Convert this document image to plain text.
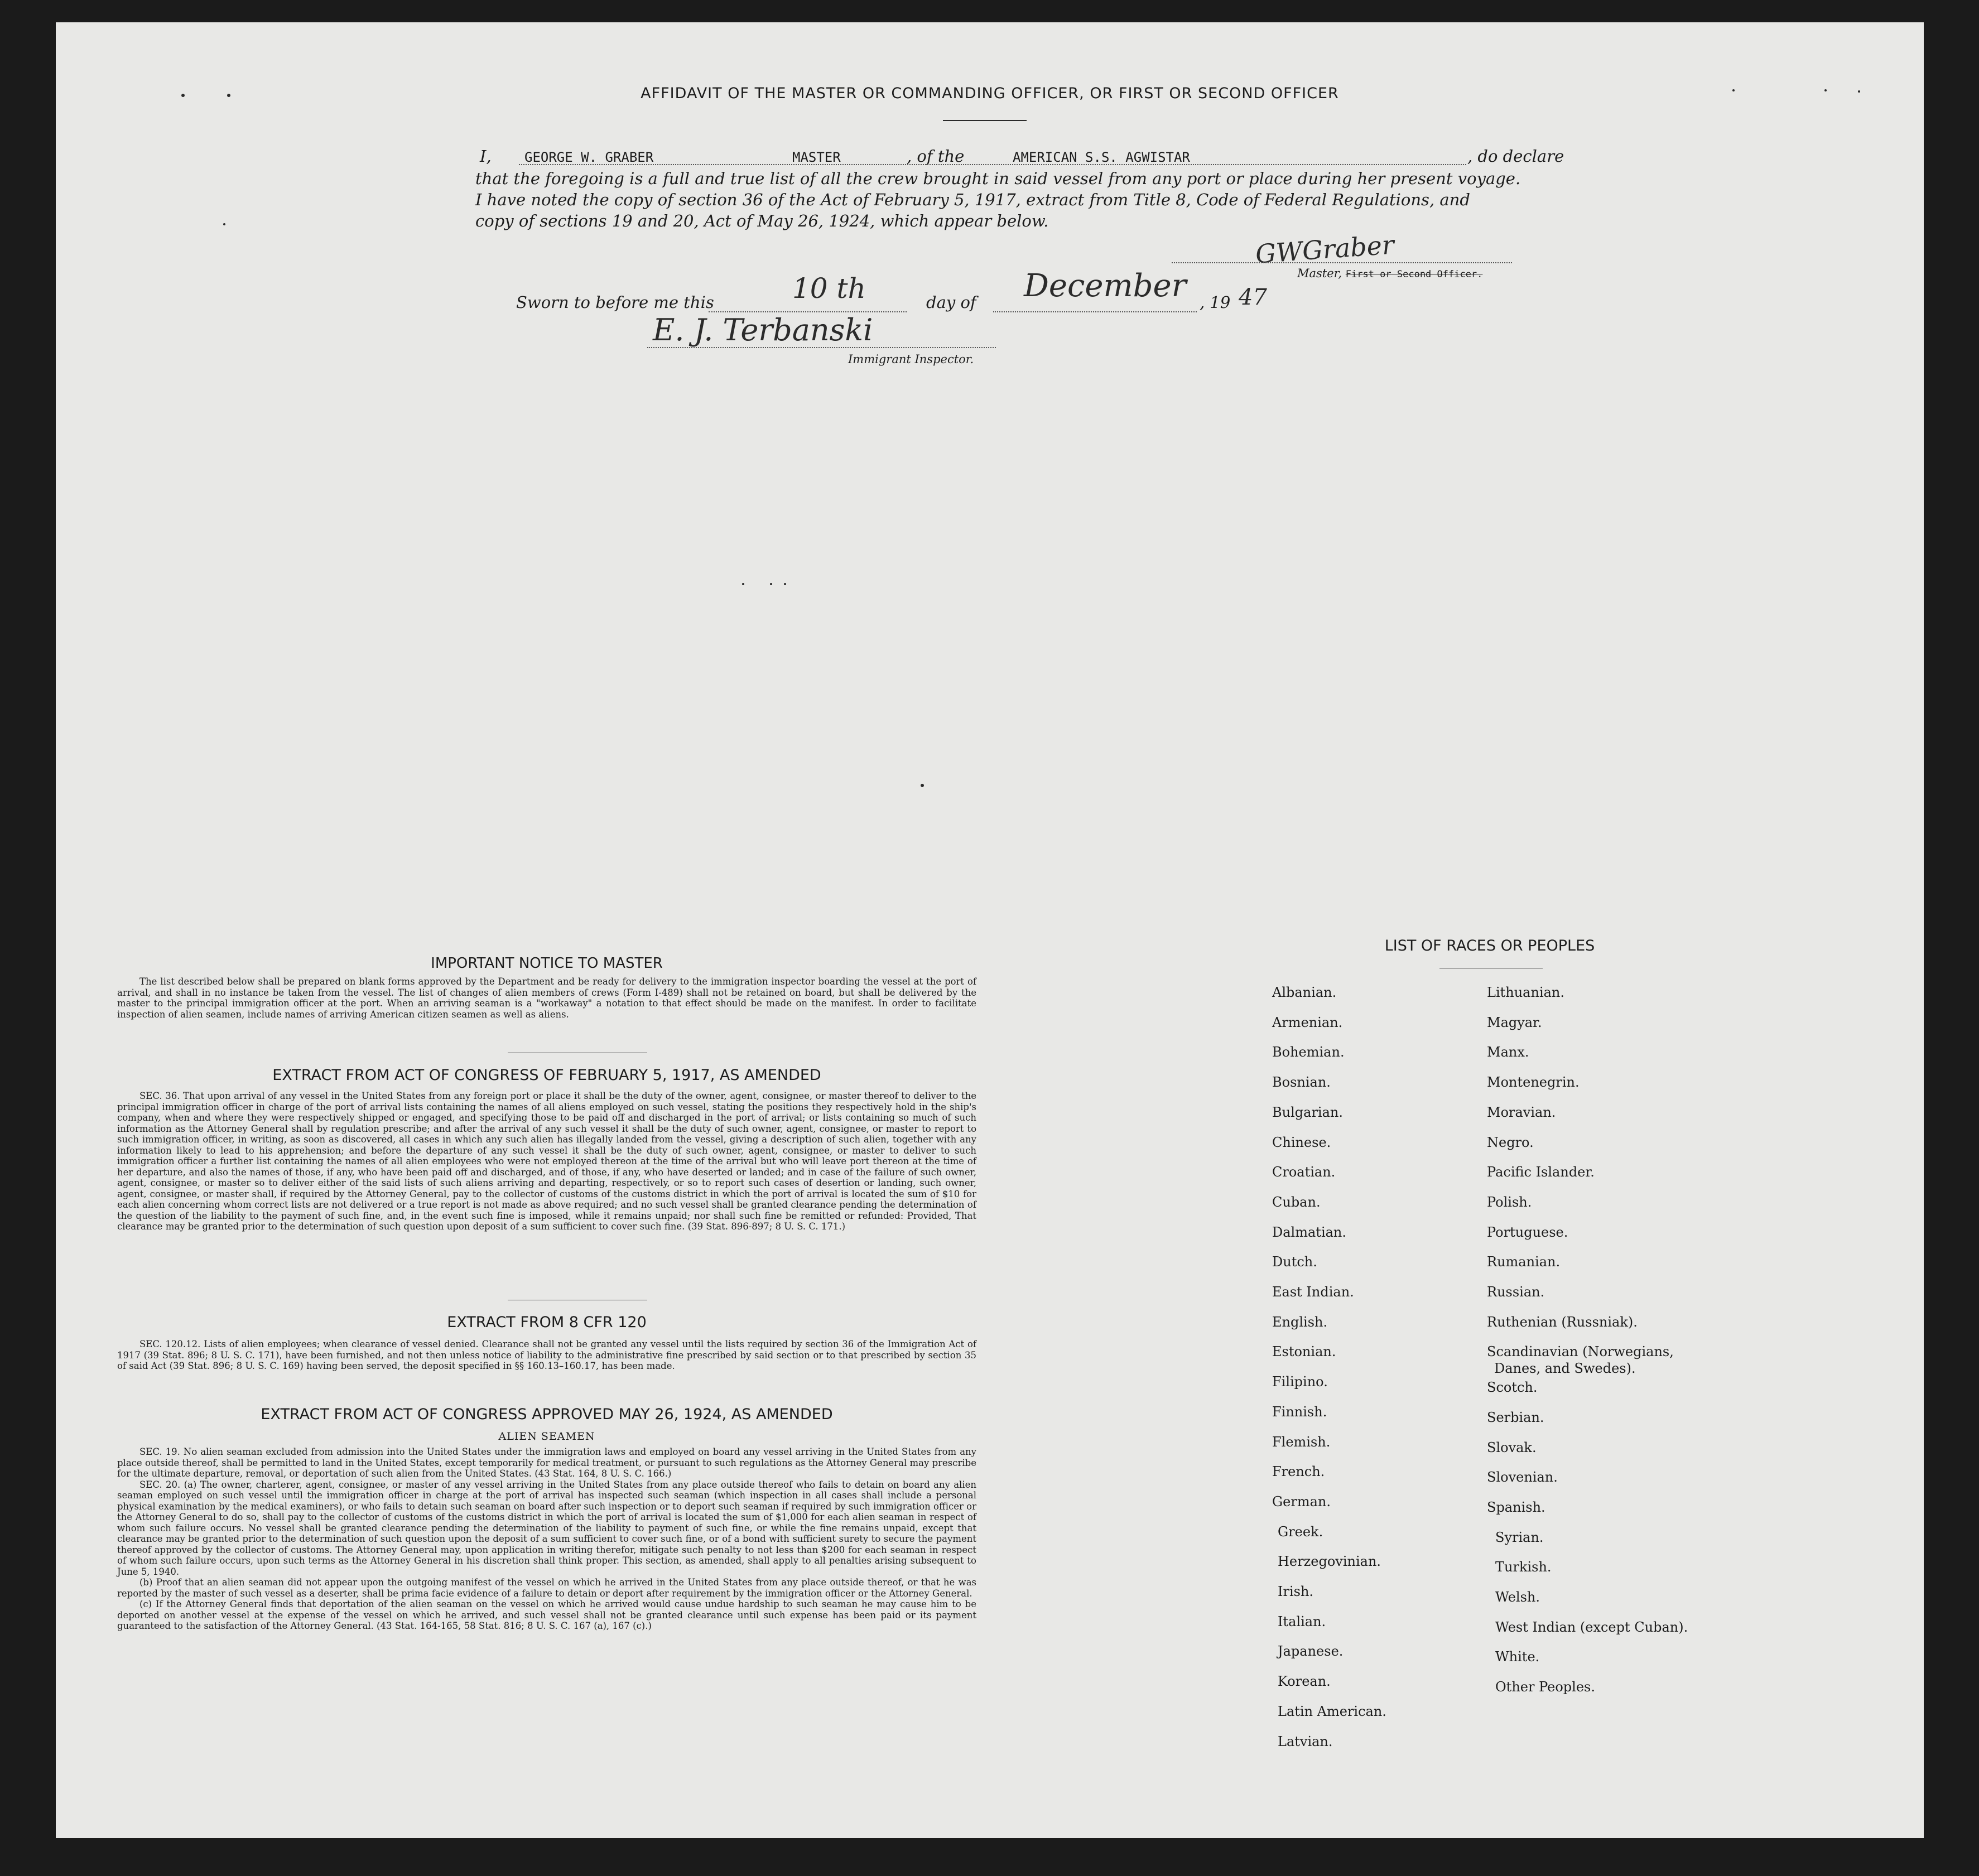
AFFIDAVIT OF THE MASTER OR COMMANDING OFFICER, OR FIRST OR SECOND OFFICER
I, GEORGE W. GRABER	MASTER	, of the	AMERICAN S.S. AGWISTAR	, do declare
that the foregoing is a full and true list of all the crew brought in said vessel from any port or place during her present voyage.
I have noted the copy of section 36 of the Act of February 5, 1917, extract from Title 8, Code of Federal Regulations, and
copy of sections 19 and 20, Act of May 26, 1924, which appear below.
GWGraber
Master, First or Second Officer.
Sworn to before me this	10 th	day of December , 19 47
E. J. Terbanski
Immigrant Inspector.
IMPORTANT NOTICE TO MASTER

The list described below shall be prepared on blank forms approved by the Department and be ready for delivery to the immigration inspector boarding the vessel at the port of arrival, and shall in no instance be taken from the vessel. The list of changes of alien members of crews (Form I-489) shall not be retained on board, but shall be delivered by the master to the principal immigration officer at the port. When an arriving seaman is a "workaway" a notation to that effect should be made on the manifest. In order to facilitate inspection of alien seamen, include names of arriving American citizen seamen as well as aliens.

EXTRACT FROM ACT OF CONGRESS OF FEBRUARY 5, 1917, AS AMENDED

SEC. 36. That upon arrival of any vessel in the United States from any foreign port or place it shall be the duty of the owner, agent, consignee, or master thereof to deliver to the principal immigration officer in charge of the port of arrival lists containing the names of all aliens employed on such vessel, stating the positions they respectively hold in the ship's company, when and where they were respectively shipped or engaged, and specifying those to be paid off and discharged in the port of arrival; or lists containing so much of such information as the Attorney General shall by regulation prescribe; and after the arrival of any such vessel it shall be the duty of such owner, agent, consignee, or master to report to such immigration officer, in writing, as soon as discovered, all cases in which any such alien has illegally landed from the vessel, giving a description of such alien, together with any information likely to lead to his apprehension; and before the departure of any such vessel it shall be the duty of such owner, agent, consignee, or master to deliver to such immigration officer a further list containing the names of all alien employees who were not employed thereon at the time of the arrival but who will leave port thereon at the time of her departure, and also the names of those, if any, who have been paid off and discharged, and of those, if any, who have deserted or landed; and in case of the failure of such owner, agent, consignee, or master so to deliver either of the said lists of such aliens arriving and departing, respectively, or so to report such cases of desertion or landing, such owner, agent, consignee, or master shall, if required by the Attorney General, pay to the collector of customs of the customs district in which the port of arrival is located the sum of $10 for each alien concerning whom correct lists are not delivered or a true report is not made as above required; and no such vessel shall be granted clearance pending the determination of the question of the liability to the payment of such fine, and, in the event such fine is imposed, while it remains unpaid; nor shall such fine be remitted or refunded: Provided, That clearance may be granted prior to the determination of such question upon deposit of a sum sufficient to cover such fine. (39 Stat. 896-897; 8 U. S. C. 171.)

EXTRACT FROM 8 CFR 120

SEC. 120.12. Lists of alien employees; when clearance of vessel denied. Clearance shall not be granted any vessel until the lists required by section 36 of the Immigration Act of 1917 (39 Stat. 896; 8 U. S. C. 171), have been furnished, and not then unless notice of liability to the administrative fine prescribed by said section or to that prescribed by section 35 of said Act (39 Stat. 896; 8 U. S. C. 169) having been served, the deposit specified in §§ 160.13–160.17, has been made.

EXTRACT FROM ACT OF CONGRESS APPROVED MAY 26, 1924, AS AMENDED
ALIEN SEAMEN

SEC. 19. No alien seaman excluded from admission into the United States under the immigration laws and employed on board any vessel arriving in the United States from any place outside thereof, shall be permitted to land in the United States, except temporarily for medical treatment, or pursuant to such regulations as the Attorney General may prescribe for the ultimate departure, removal, or deportation of such alien from the United States. (43 Stat. 164, 8 U. S. C. 166.)

SEC. 20. (a) The owner, charterer, agent, consignee, or master of any vessel arriving in the United States from any place outside thereof who fails to detain on board any alien seaman employed on such vessel until the immigration officer in charge at the port of arrival has inspected such seaman (which inspection in all cases shall include a personal physical examination by the medical examiners), or who fails to detain such seaman on board after such inspection or to deport such seaman if required by such immigration officer or the Attorney General to do so, shall pay to the collector of customs of the customs district in which the port of arrival is located the sum of $1,000 for each alien seaman in respect of whom such failure occurs. No vessel shall be granted clearance pending the determination of the liability to payment of such fine, or while the fine remains unpaid, except that clearance may be granted prior to the determination of such question upon the deposit of a sum sufficient to cover such fine, or of a bond with sufficient surety to secure the payment thereof approved by the collector of customs. The Attorney General may, upon application in writing therefor, mitigate such penalty to not less than $200 for each seaman in respect of whom such failure occurs, upon such terms as the Attorney General in his discretion shall think proper. This section, as amended, shall apply to all penalties arising subsequent to June 5, 1940.

(b) Proof that an alien seaman did not appear upon the outgoing manifest of the vessel on which he arrived in the United States from any place outside thereof, or that he was reported by the master of such vessel as a deserter, shall be prima facie evidence of a failure to detain or deport after requirement by the immigration officer or the Attorney General.

(c) If the Attorney General finds that deportation of the alien seaman on the vessel on which he arrived would cause undue hardship to such seaman he may cause him to be deported on another vessel at the expense of the vessel on which he arrived, and such vessel shall not be granted clearance until such expense has been paid or its payment guaranteed to the satisfaction of the Attorney General. (43 Stat. 164-165, 58 Stat. 816; 8 U. S. C. 167 (a), 167 (c).)

LIST OF RACES OR PEOPLES
Albanian.
Armenian.
Bohemian.
Bosnian.
Bulgarian.
Chinese.
Croatian.
Cuban.
Dalmatian.
Dutch.
East Indian.
English.
Estonian.
Filipino.
Finnish.
Flemish.
French.
German.
Greek.
Herzegovinian.
Irish.
Italian.
Japanese.
Korean.
Latin American.
Latvian.
Lithuanian.
Magyar.
Manx.
Montenegrin.
Moravian.
Negro.
Pacific Islander.
Polish.
Portuguese.
Rumanian.
Russian.
Ruthenian (Russniak).
Scandinavian (Norwegians,
Danes, and Swedes).
Scotch.
Serbian.
Slovak.
Slovenian.
Spanish.
Syrian.
Turkish.
Welsh.
West Indian (except Cuban).
White.
Other Peoples.
